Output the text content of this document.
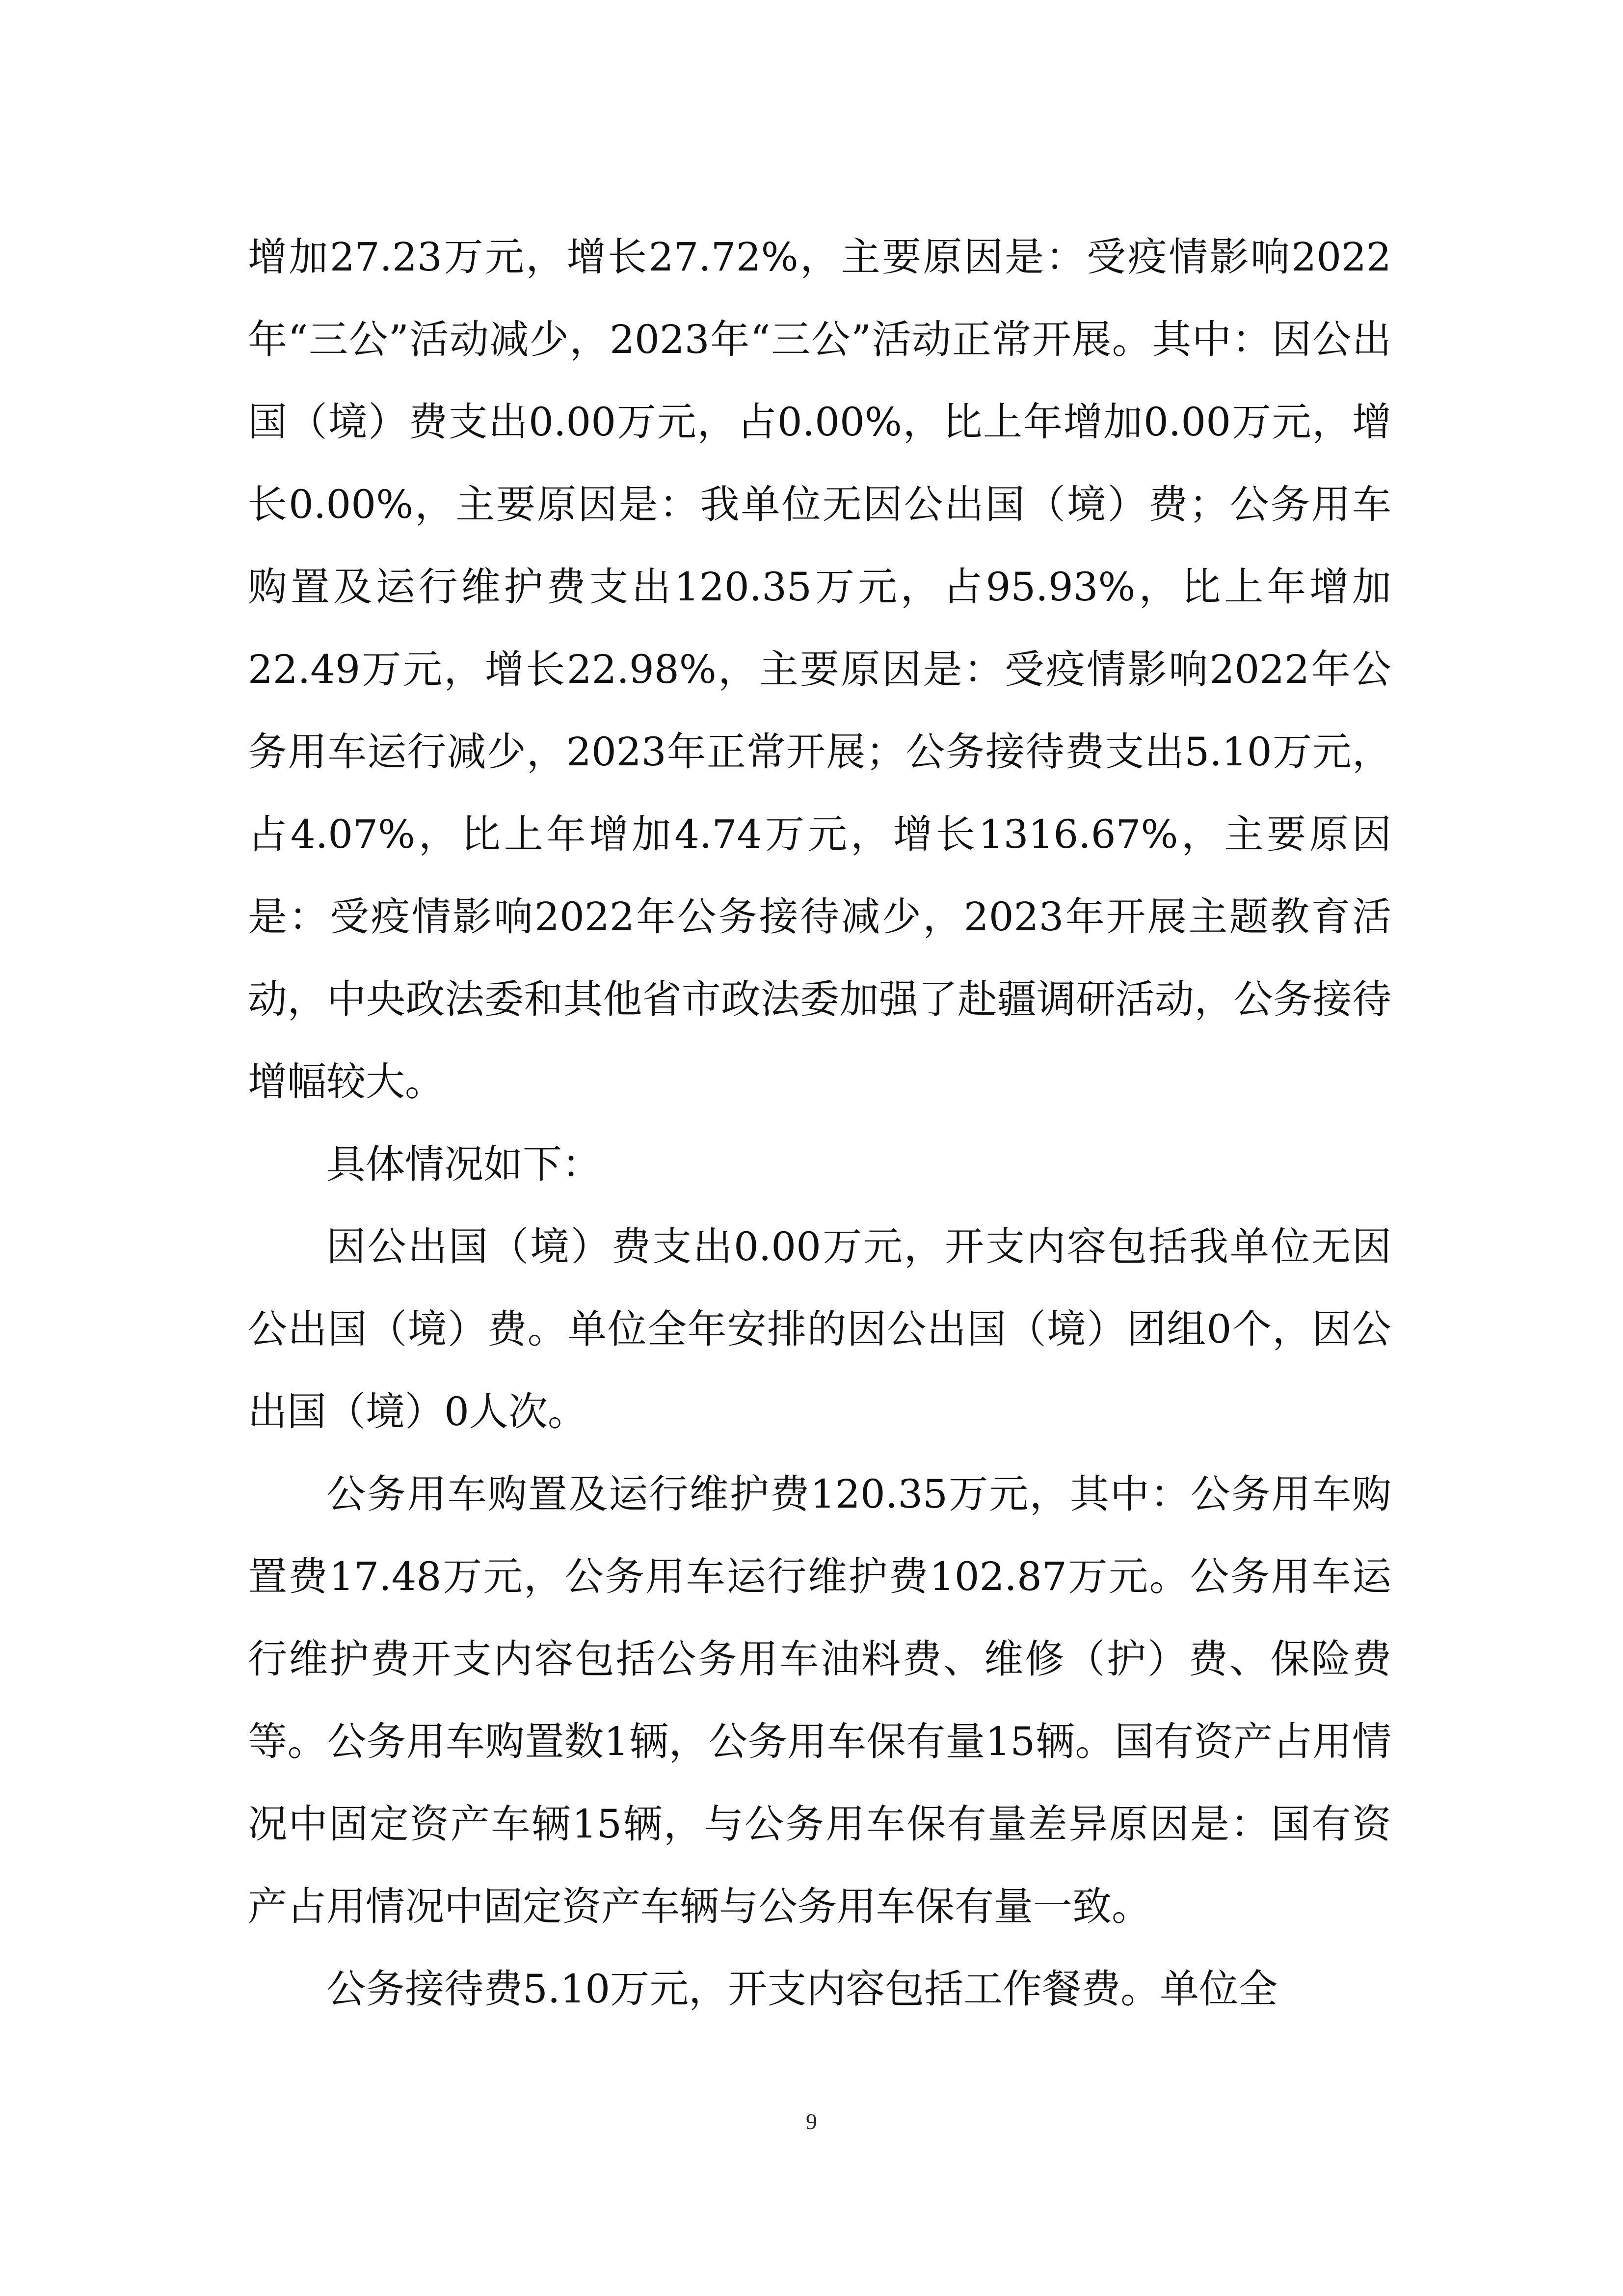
增加27.23万元，增长27.72%，主要原因是：受疫情影响2022年“三公”活动减少，2023年“三公”活动正常开展。其中：因公出国（境）费支出0.00万元，占0.00%，比上年增加0.00万元，增长0.00%，主要原因是：我单位无因公出国（境）费；公务用车购置及运行维护费支出120.35万元，占95.93%，比上年增加22.49万元，增长22.98%，主要原因是：受疫情影响2022年公务用车运行减少，2023年正常开展；公务接待费支出5.10万元，占4.07%，比上年增加4.74万元，增长1316.67%，主要原因是：受疫情影响2022年公务接待减少，2023年开展主题教育活动，中央政法委和其他省市政法委加强了赴疆调研活动，公务接待增幅较大。

具体情况如下：

因公出国（境）费支出0.00万元，开支内容包括我单位无因公出国（境）费。单位全年安排的因公出国（境）团组0个，因公出国（境）0人次。

公务用车购置及运行维护费120.35万元，其中：公务用车购置费17.48万元，公务用车运行维护费102.87万元。公务用车运行维护费开支内容包括公务用车油料费、维修（护）费、保险费等。公务用车购置数1辆，公务用车保有量15辆。国有资产占用情况中固定资产车辆15辆，与公务用车保有量差异原因是：国有资产占用情况中固定资产车辆与公务用车保有量一致。

公务接待费5.10万元，开支内容包括工作餐费。单位全

9
